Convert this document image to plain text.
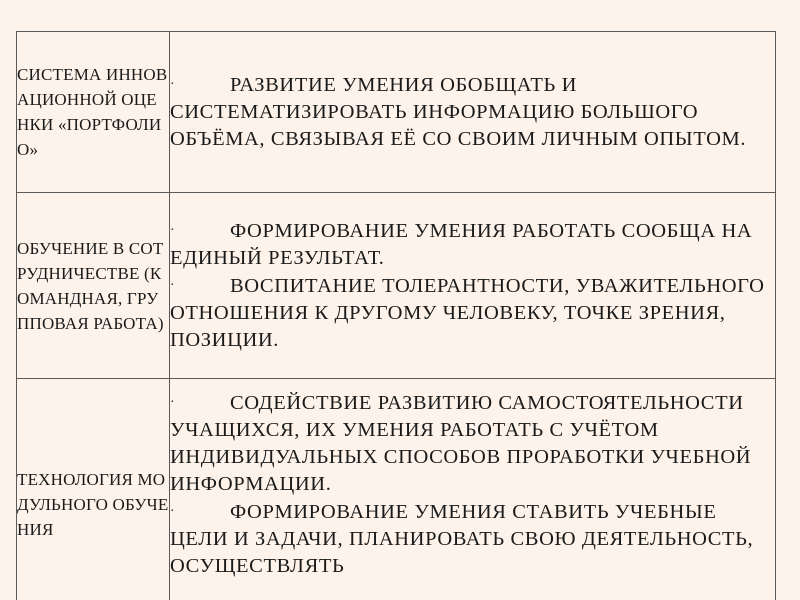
СИСТЕМА ИННОВАЦИОННОЙ ОЦЕНКИ «ПОРТФОЛИО»	· РАЗВИТИЕ УМЕНИЯ ОБОБЩАТЬ И СИСТЕМАТИЗИРОВАТЬ ИНФОРМАЦИЮ БОЛЬШОГО ОБЪЁМА, СВЯЗЫВАЯ ЕЁ СО СВОИМ ЛИЧНЫМ ОПЫТОМ.

ОБУЧЕНИЕ В СОТРУДНИЧЕСТВЕ (КОМАНДНАЯ, ГРУППОВАЯ РАБОТА)	· ФОРМИРОВАНИЕ УМЕНИЯ РАБОТАТЬ СООБЩА НА ЕДИНЫЙ РЕЗУЛЬТАТ.
· ВОСПИТАНИЕ ТОЛЕРАНТНОСТИ, УВАЖИТЕЛЬНОГО ОТНОШЕНИЯ К ДРУГОМУ ЧЕЛОВЕКУ, ТОЧКЕ ЗРЕНИЯ, ПОЗИЦИИ.

ТЕХНОЛОГИЯ МОДУЛЬНОГО ОБУЧЕНИЯ	· СОДЕЙСТВИЕ РАЗВИТИЮ САМОСТОЯТЕЛЬНОСТИ УЧАЩИХСЯ, ИХ УМЕНИЯ РАБОТАТЬ С УЧЁТОМ ИНДИВИДУАЛЬНЫХ СПОСОБОВ ПРОРАБОТКИ УЧЕБНОЙ ИНФОРМАЦИИ.
· ФОРМИРОВАНИЕ УМЕНИЯ СТАВИТЬ УЧЕБНЫЕ ЦЕЛИ И ЗАДАЧИ, ПЛАНИРОВАТЬ СВОЮ ДЕЯТЕЛЬНОСТЬ, ОСУЩЕСТВЛЯТЬ
